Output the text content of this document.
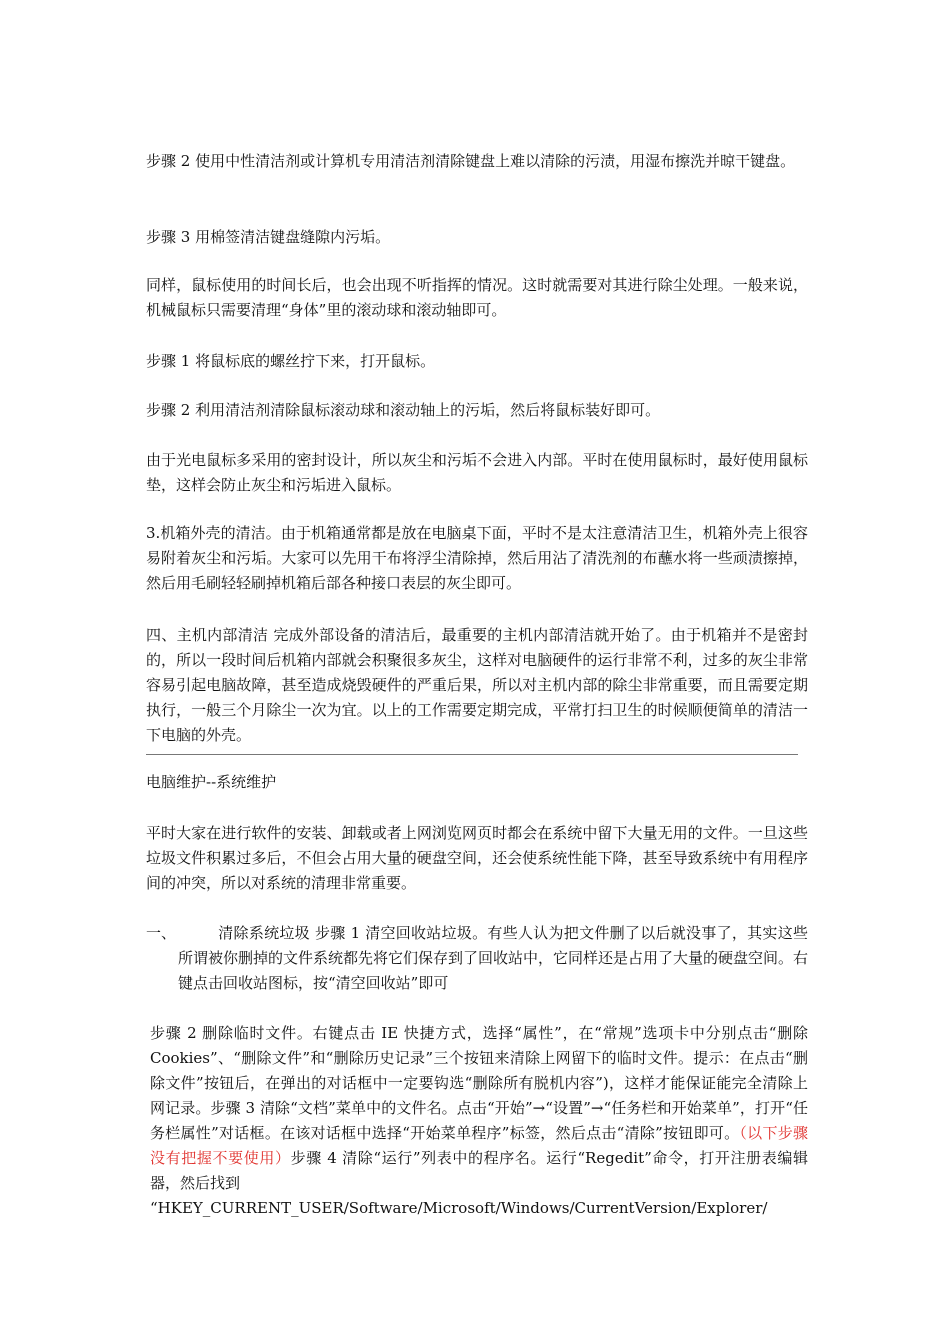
步骤 2 使用中性清洁剂或计算机专用清洁剂清除键盘上难以清除的污渍，用湿布擦洗并晾干键盘。

步骤 3 用棉签清洁键盘缝隙内污垢。

同样，鼠标使用的时间长后，也会出现不听指挥的情况。这时就需要对其进行除尘处理。一般来说，机械鼠标只需要清理“身体”里的滚动球和滚动轴即可。

步骤 1 将鼠标底的螺丝拧下来，打开鼠标。

步骤 2 利用清洁剂清除鼠标滚动球和滚动轴上的污垢，然后将鼠标装好即可。

由于光电鼠标多采用的密封设计，所以灰尘和污垢不会进入内部。平时在使用鼠标时，最好使用鼠标垫，这样会防止灰尘和污垢进入鼠标。

3.机箱外壳的清洁。由于机箱通常都是放在电脑桌下面，平时不是太注意清洁卫生，机箱外壳上很容易附着灰尘和污垢。大家可以先用干布将浮尘清除掉，然后用沾了清洗剂的布蘸水将一些顽渍擦掉，然后用毛刷轻轻刷掉机箱后部各种接口表层的灰尘即可。

四、主机内部清洁 完成外部设备的清洁后，最重要的主机内部清洁就开始了。由于机箱并不是密封的，所以一段时间后机箱内部就会积聚很多灰尘，这样对电脑硬件的运行非常不利，过多的灰尘非常容易引起电脑故障，甚至造成烧毁硬件的严重后果，所以对主机内部的除尘非常重要，而且需要定期执行，一般三个月除尘一次为宜。以上的工作需要定期完成，平常打扫卫生的时候顺便简单的清洁一下电脑的外壳。

电脑维护--系统维护

平时大家在进行软件的安装、卸载或者上网浏览网页时都会在系统中留下大量无用的文件。一旦这些垃圾文件积累过多后，不但会占用大量的硬盘空间，还会使系统性能下降，甚至导致系统中有用程序间的冲突，所以对系统的清理非常重要。

一、	清除系统垃圾 步骤 1 清空回收站垃圾。有些人认为把文件删了以后就没事了，其实这些所谓被你删掉的文件系统都先将它们保存到了回收站中，它同样还是占用了大量的硬盘空间。右键点击回收站图标，按“清空回收站”即可

步骤 2 删除临时文件。右键点击 IE 快捷方式，选择“属性”，在“常规”选项卡中分别点击“删除 Cookies”、“删除文件”和“删除历史记录”三个按钮来清除上网留下的临时文件。提示：在点击“删除文件”按钮后，在弹出的对话框中一定要钩选“删除所有脱机内容”)，这样才能保证能完全清除上网记录。步骤 3 清除“文档”菜单中的文件名。点击“开始”→“设置”→“任务栏和开始菜单”，打开“任务栏属性”对话框。在该对话框中选择“开始菜单程序”标签，然后点击“清除”按钮即可。（以下步骤没有把握不要使用）步骤 4 清除“运行”列表中的程序名。运行“Regedit”命令，打开注册表编辑器，然后找到
“HKEY_CURRENT_USER/Software/Microsoft/Windows/CurrentVersion/Explorer/
